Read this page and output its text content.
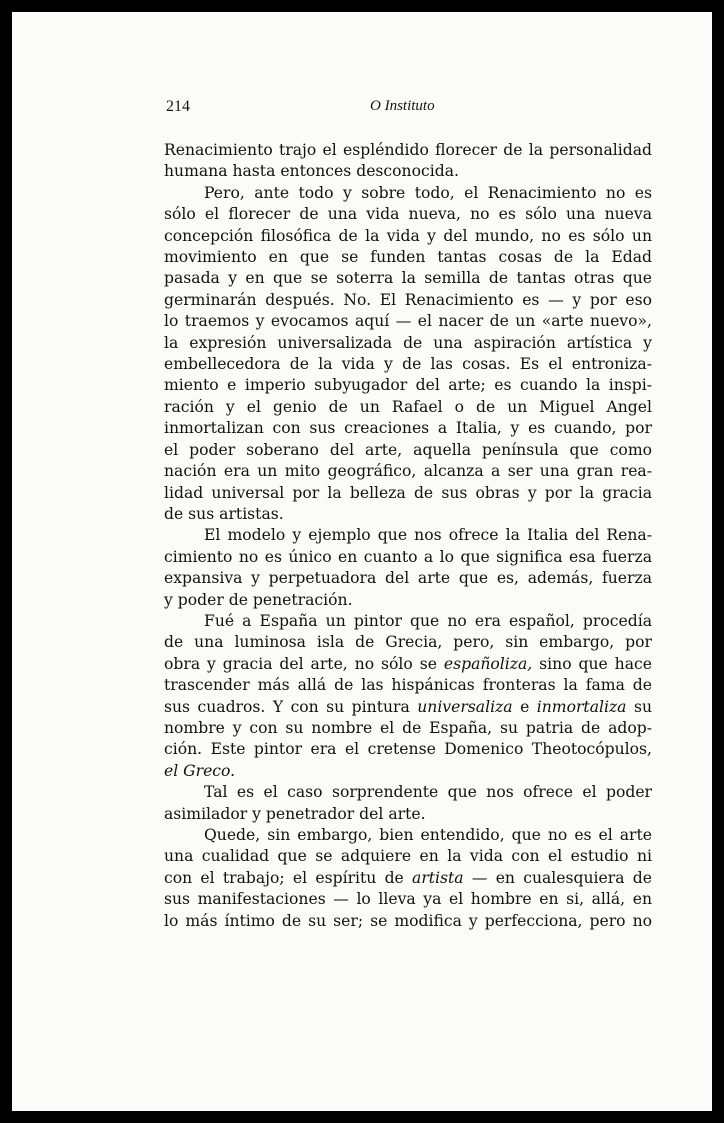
214	O Instituto
Renacimiento trajo el espléndido florecer de la personalidad
humana hasta entonces desconocida.
Pero, ante todo y sobre todo, el Renacimiento no es
sólo el florecer de una vida nueva, no es sólo una nueva
concepción filosófica de la vida y del mundo, no es sólo un
movimiento en que se funden tantas cosas de la Edad
pasada y en que se soterra la semilla de tantas otras que
germinarán después. No. El Renacimiento es — y por eso
lo traemos y evocamos aquí — el nacer de un «arte nuevo»,
la expresión universalizada de una aspiración artística y
embellecedora de la vida y de las cosas. Es el entroniza-
miento e imperio subyugador del arte; es cuando la inspi-
ración y el genio de un Rafael o de un Miguel Angel
inmortalizan con sus creaciones a Italia, y es cuando, por
el poder soberano del arte, aquella península que como
nación era un mito geográfico, alcanza a ser una gran rea-
lidad universal por la belleza de sus obras y por la gracia
de sus artistas.
El modelo y ejemplo que nos ofrece la Italia del Rena-
cimiento no es único en cuanto a lo que significa esa fuerza
expansiva y perpetuadora del arte que es, además, fuerza
y poder de penetración.
Fué a España un pintor que no era español, procedía
de una luminosa isla de Grecia, pero, sin embargo, por
obra y gracia del arte, no sólo se españoliza, sino que hace
trascender más allá de las hispánicas fronteras la fama de
sus cuadros. Y con su pintura universaliza e inmortaliza su
nombre y con su nombre el de España, su patria de adop-
ción. Este pintor era el cretense Domenico Theotocópulos,
el Greco.
Tal es el caso sorprendente que nos ofrece el poder
asimilador y penetrador del arte.
Quede, sin embargo, bien entendido, que no es el arte
una cualidad que se adquiere en la vida con el estudio ni
con el trabajo; el espíritu de artista — en cualesquiera de
sus manifestaciones — lo lleva ya el hombre en si, allá, en
lo más íntimo de su ser; se modifica y perfecciona, pero no
